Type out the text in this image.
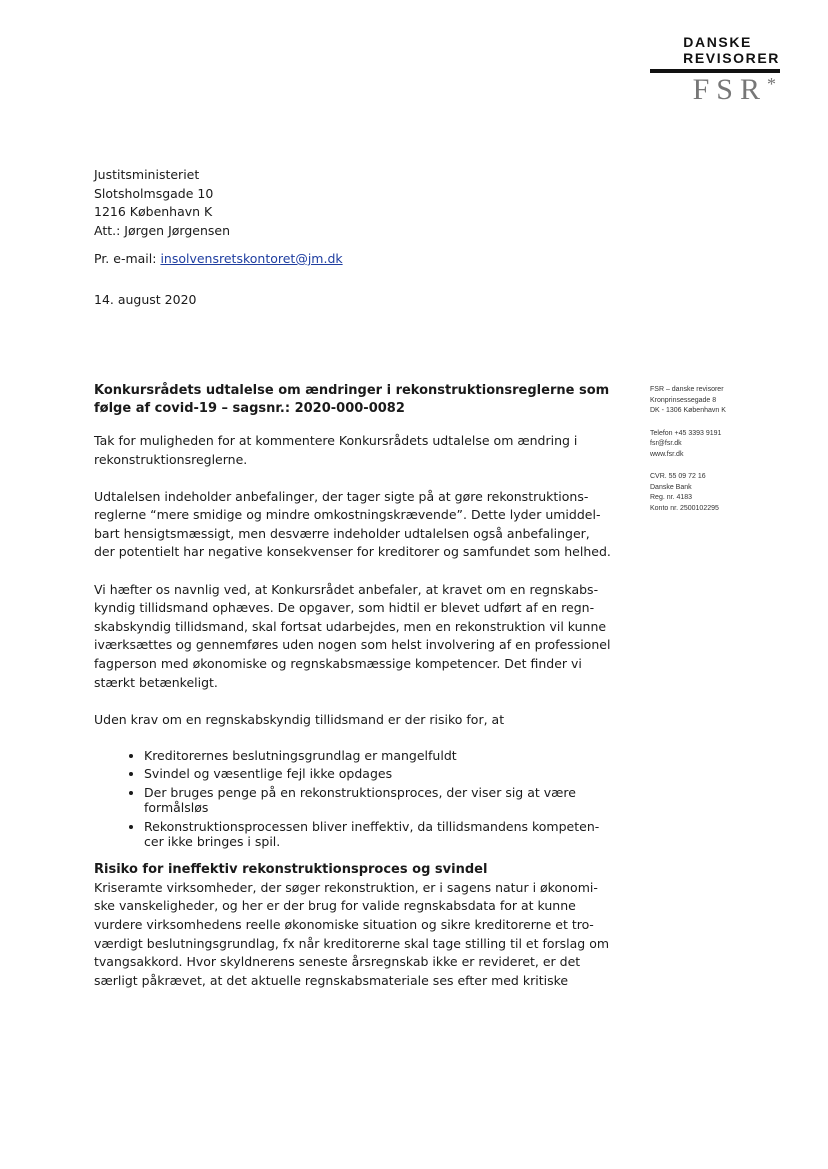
DANSKE
REVISORER
FSR*
Justitsministeriet
Slotsholmsgade 10
1216 København K
Att.: Jørgen Jørgensen
Pr. e-mail: insolvensretskontoret@jm.dk
14. august 2020
FSR – danske revisorer
Kronprinsessegade 8
DK - 1306 København K
Telefon +45 3393 9191
fsr@fsr.dk
www.fsr.dk
CVR. 55 09 72 16
Danske Bank
Reg. nr. 4183
Konto nr. 2500102295
Konkursrådets udtalelse om ændringer i rekonstruktionsreglerne som følge af covid-19 – sagsnr.: 2020-000-0082

Tak for muligheden for at kommentere Konkursrådets udtalelse om ændring i rekonstruktionsreglerne.

Udtalelsen indeholder anbefalinger, der tager sigte på at gøre rekonstruktionsreglerne “mere smidige og mindre omkostningskrævende”. Dette lyder umiddelbart hensigtsmæssigt, men desværre indeholder udtalelsen også anbefalinger, der potentielt har negative konsekvenser for kreditorer og samfundet som helhed.

Vi hæfter os navnlig ved, at Konkursrådet anbefaler, at kravet om en regnskabskyndig tillidsmand ophæves. De opgaver, som hidtil er blevet udført af en regnskabskyndig tillidsmand, skal fortsat udarbejdes, men en rekonstruktion vil kunne iværksættes og gennemføres uden nogen som helst involvering af en professionel fagperson med økonomiske og regnskabsmæssige kompetencer. Det finder vi stærkt betænkeligt.

Uden krav om en regnskabskyndig tillidsmand er der risiko for, at

• Kreditorernes beslutningsgrundlag er mangelfuldt
• Svindel og væsentlige fejl ikke opdages
• Der bruges penge på en rekonstruktionsproces, der viser sig at være formålsløs
• Rekonstruktionsprocessen bliver ineffektiv, da tillidsmandens kompetencer ikke bringes i spil.
Risiko for ineffektiv rekonstruktionsproces og svindel

Kriseramte virksomheder, der søger rekonstruktion, er i sagens natur i økonomiske vanskeligheder, og her er der brug for valide regnskabsdata for at kunne vurdere virksomhedens reelle økonomiske situation og sikre kreditorerne et troværdigt beslutningsgrundlag, fx når kreditorerne skal tage stilling til et forslag om tvangsakkord. Hvor skyldnerens seneste årsregnskab ikke er revideret, er det særligt påkrævet, at det aktuelle regnskabsmateriale ses efter med kritiske
